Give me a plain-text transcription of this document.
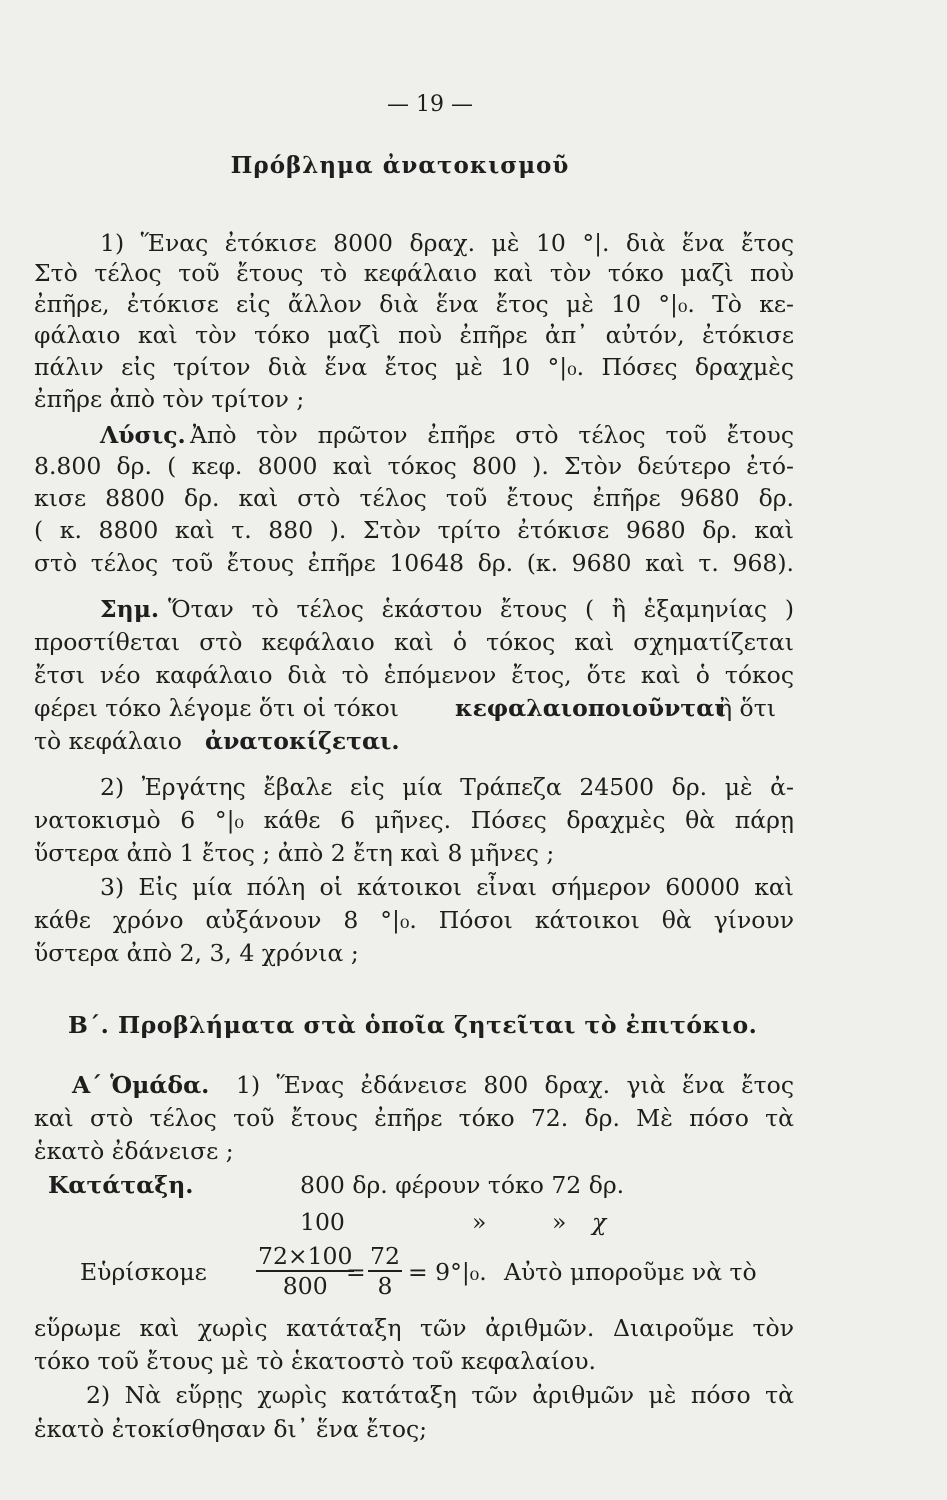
— 19 —
Πρόβλημα ἀνατοκισμοῦ
1) Ἕνας ἐτόκισε 8000 δραχ. μὲ 10 °|. διὰ ἕνα ἔτος
Στὸ τέλος τοῦ ἔτους τὸ κεφάλαιο καὶ τὸν τόκο μαζὶ ποὺ
ἐπῆρε, ἐτόκισε εἰς ἄλλον διὰ ἕνα ἔτος μὲ 10 °|₀. Τὸ κε-
φάλαιο καὶ τὸν τόκο μαζὶ ποὺ ἐπῆρε ἀπ᾽ αὐτόν, ἐτόκισε
πάλιν εἰς τρίτον διὰ ἕνα ἔτος μὲ 10 °|₀. Πόσες δραχμὲς
ἐπῆρε ἀπὸ τὸν τρίτον ;
Λύσις. Ἀπὸ τὸν πρῶτον ἐπῆρε στὸ τέλος τοῦ ἔτους
8.800 δρ. ( κεφ. 8000 καὶ τόκος 800 ). Στὸν δεύτερο ἐτό-
κισε 8800 δρ. καὶ στὸ τέλος τοῦ ἔτους ἐπῆρε 9680 δρ.
( κ. 8800 καὶ τ. 880 ). Στὸν τρίτο ἐτόκισε 9680 δρ. καὶ
στὸ τέλος τοῦ ἔτους ἐπῆρε 10648 δρ. (κ. 9680 καὶ τ. 968).
Σημ. Ὅταν τὸ τέλος ἑκάστου ἔτους ( ἢ ἑξαμηνίας )
προστίθεται στὸ κεφάλαιο καὶ ὁ τόκος καὶ σχηματίζεται
ἔτσι νέο καφάλαιο διὰ τὸ ἑπόμενον ἔτος, ὅτε καὶ ὁ τόκος
φέρει τόκο λέγομε ὅτι οἱ τόκοι κεφαλαιοποιοῦνται
ἢ ὅτι
τὸ κεφάλαιο ἀνατοκίζεται.
2) Ἐργάτης ἔβαλε εἰς μία Τράπεζα 24500 δρ. μὲ ἀ-
νατοκισμὸ 6 °|₀ κάθε 6 μῆνες. Πόσες δραχμὲς θὰ πάρῃ
ὕστερα ἀπὸ 1 ἔτος ; ἀπὸ 2 ἔτη καὶ 8 μῆνες ;
3) Εἰς μία πόλη οἱ κάτοικοι εἶναι σήμερον 60000 καὶ
κάθε χρόνο αὐξάνουν 8 °|₀. Πόσοι κάτοικοι θὰ γίνουν
ὕστερα ἀπὸ 2, 3, 4 χρόνια ;
Β΄. Προβλήματα στὰ ὁποῖα ζητεῖται τὸ ἐπιτόκιο.
Α΄ Ὁμάδα. 1) Ἕνας ἐδάνεισε 800 δραχ. γιὰ ἕνα ἔτος
καὶ στὸ τέλος τοῦ ἔτους ἐπῆρε τόκο 72. δρ. Μὲ πόσο τὰ
ἑκατὸ ἐδάνεισε ;
Κατάταξη.	800 δρ. φέρουν τόκο 72 δρ.
100	»	» χ
Εὑρίσκομε $\frac{72\times 100}{800}$
= $\frac{72}{8} = 9^\circ|_0$. Αὐτὸ μποροῦμε νὰ τὸ
εὕρωμε καὶ χωρὶς κατάταξη τῶν ἀριθμῶν. Διαιροῦμε τὸν
τόκο τοῦ ἔτους μὲ τὸ ἑκατοστὸ τοῦ κεφαλαίου.
2) Νὰ εὕρῃς χωρὶς κατάταξη τῶν ἀριθμῶν μὲ πόσο τὰ
ἑκατὸ ἐτοκίσθησαν δι᾽ ἕνα ἔτος;
